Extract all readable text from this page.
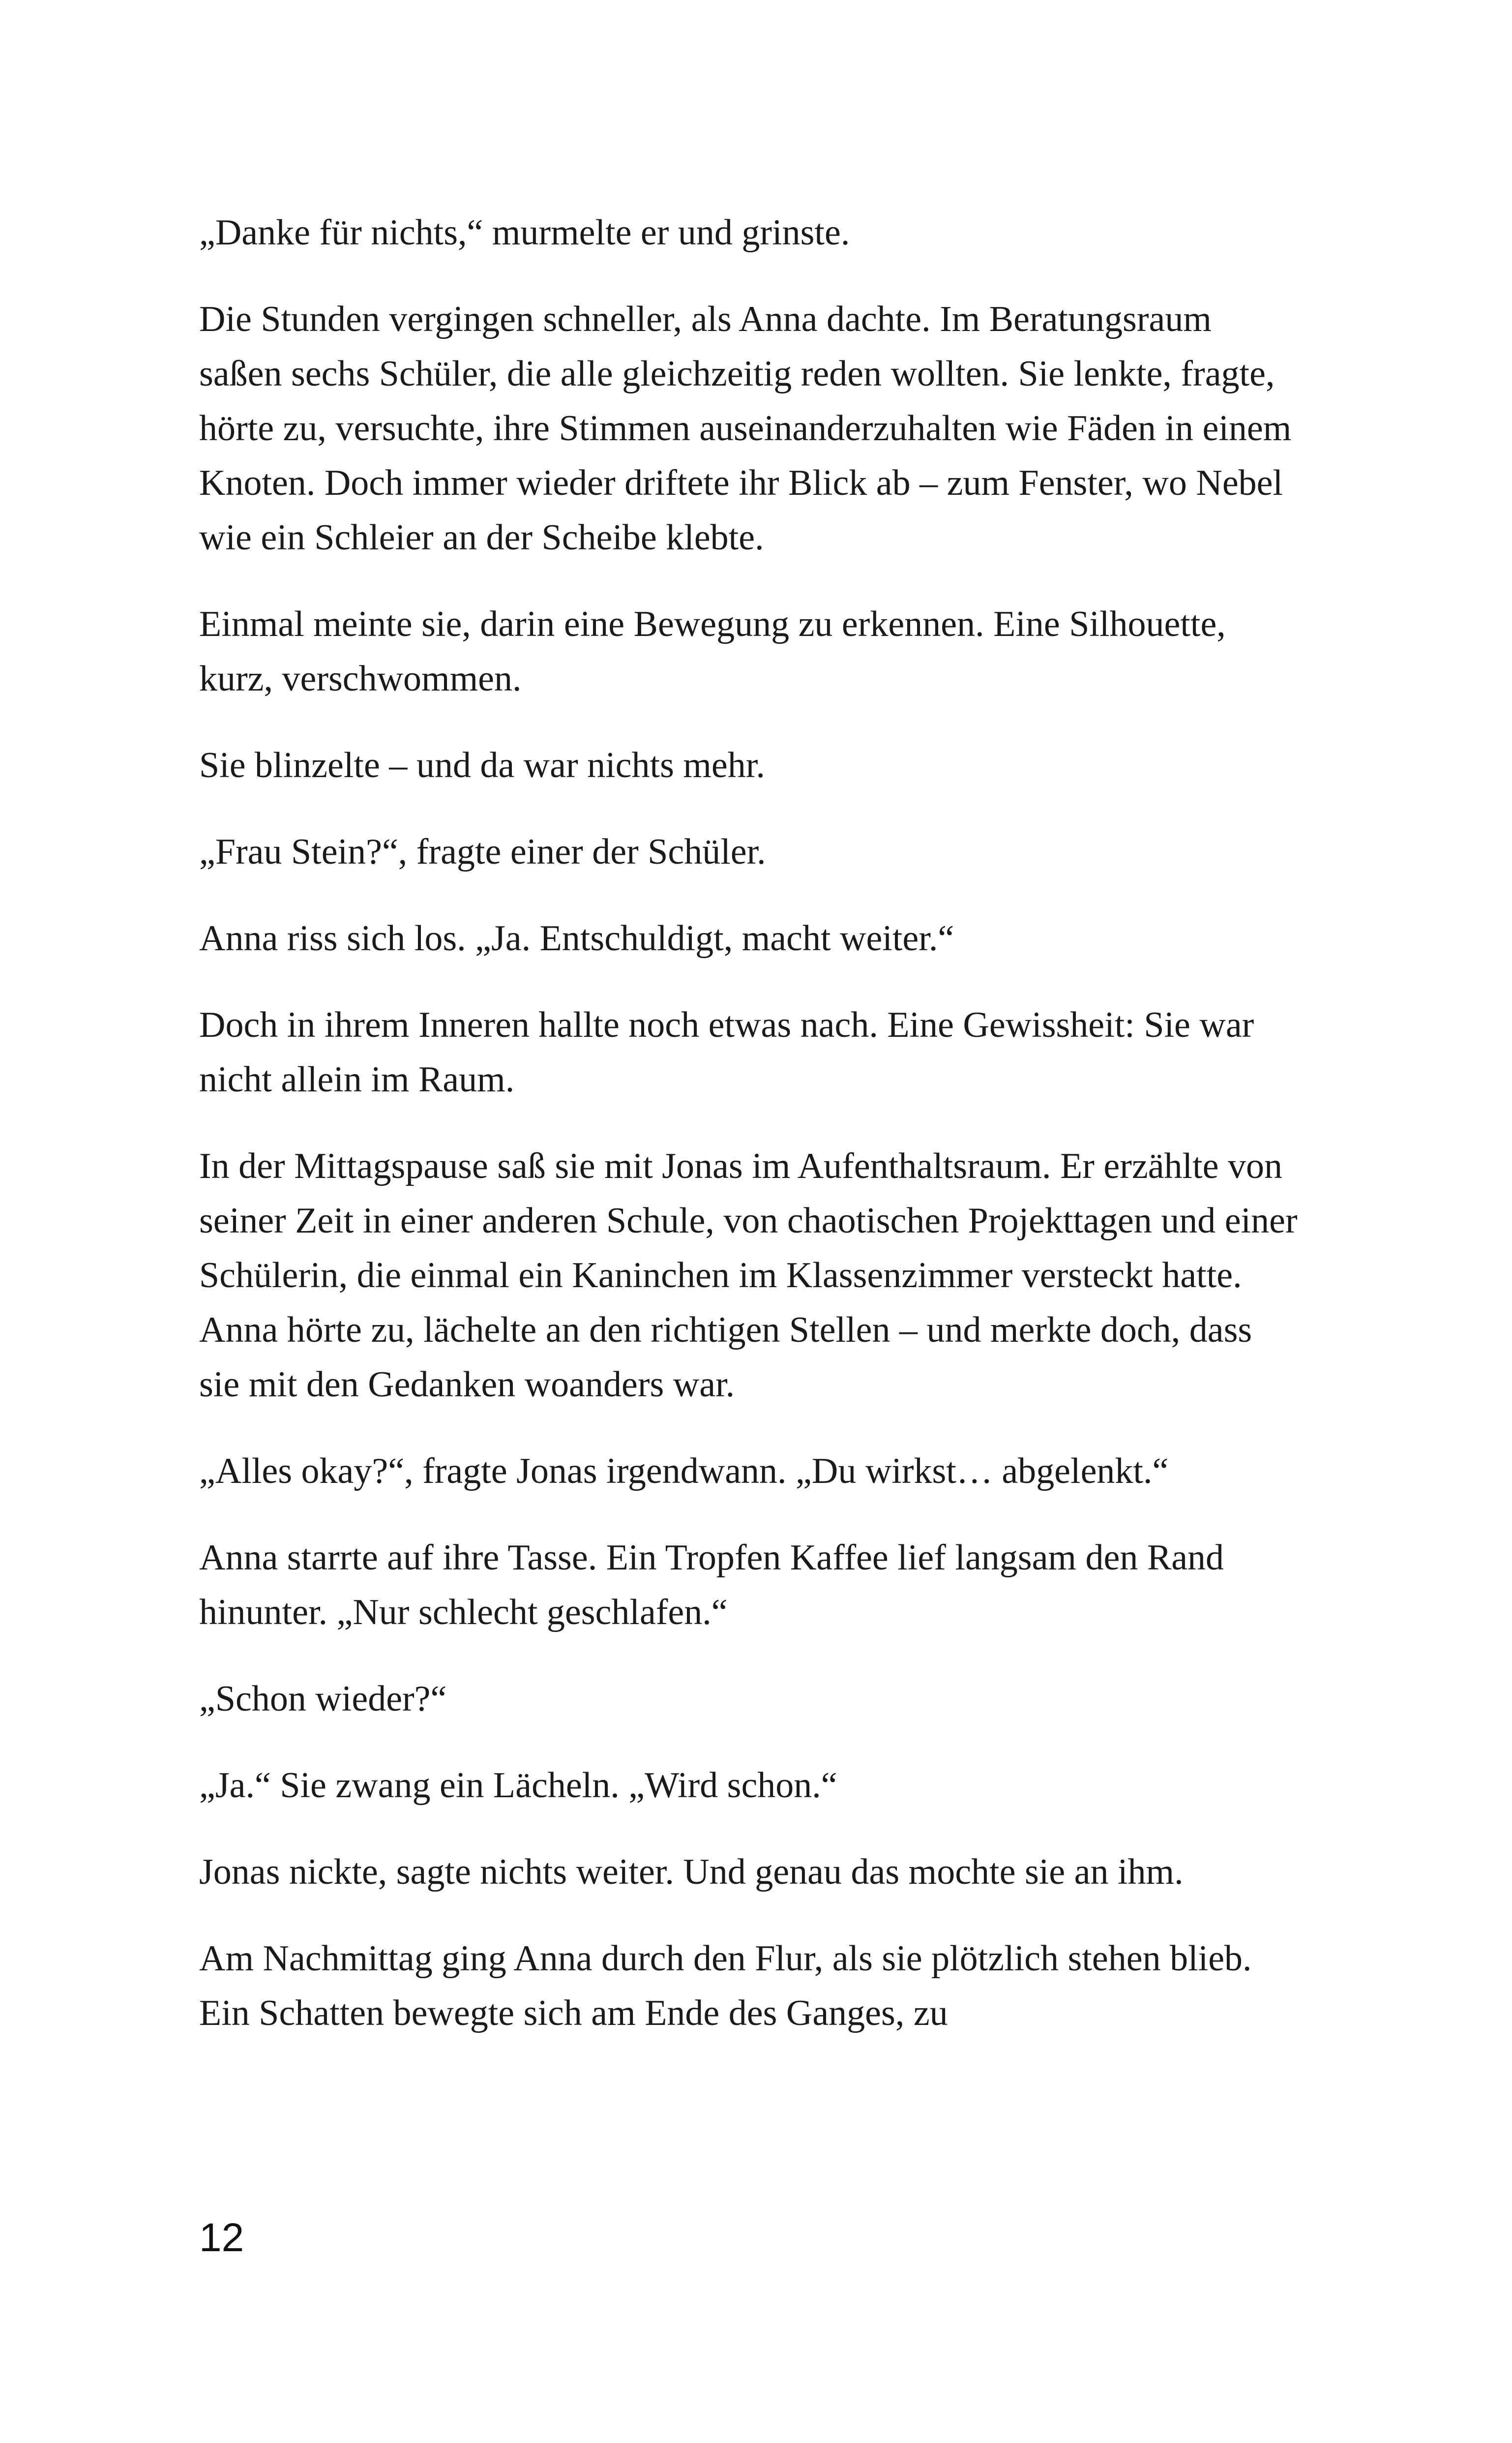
„Danke für nichts,“ murmelte er und grinste.

Die Stunden vergingen schneller, als Anna dachte. Im Beratungsraum saßen sechs Schüler, die alle gleichzeitig reden wollten. Sie lenkte, fragte, hörte zu, versuchte, ihre Stimmen auseinanderzuhalten wie Fäden in einem Knoten. Doch immer wieder driftete ihr Blick ab – zum Fenster, wo Nebel wie ein Schleier an der Scheibe klebte.

Einmal meinte sie, darin eine Bewegung zu erkennen. Eine Silhouette, kurz, verschwommen.

Sie blinzelte – und da war nichts mehr.

„Frau Stein?“, fragte einer der Schüler.

Anna riss sich los. „Ja. Entschuldigt, macht weiter.“

Doch in ihrem Inneren hallte noch etwas nach. Eine Gewissheit: Sie war nicht allein im Raum.

In der Mittagspause saß sie mit Jonas im Aufenthaltsraum. Er erzählte von seiner Zeit in einer anderen Schule, von chaotischen Projekttagen und einer Schülerin, die einmal ein Kaninchen im Klassenzimmer versteckt hatte. Anna hörte zu, lächelte an den richtigen Stellen – und merkte doch, dass sie mit den Gedanken woanders war.

„Alles okay?“, fragte Jonas irgendwann. „Du wirkst… abgelenkt.“

Anna starrte auf ihre Tasse. Ein Tropfen Kaffee lief langsam den Rand hinunter. „Nur schlecht geschlafen.“

„Schon wieder?“

„Ja.“ Sie zwang ein Lächeln. „Wird schon.“

Jonas nickte, sagte nichts weiter. Und genau das mochte sie an ihm.

Am Nachmittag ging Anna durch den Flur, als sie plötzlich stehen blieb. Ein Schatten bewegte sich am Ende des Ganges, zu

12
